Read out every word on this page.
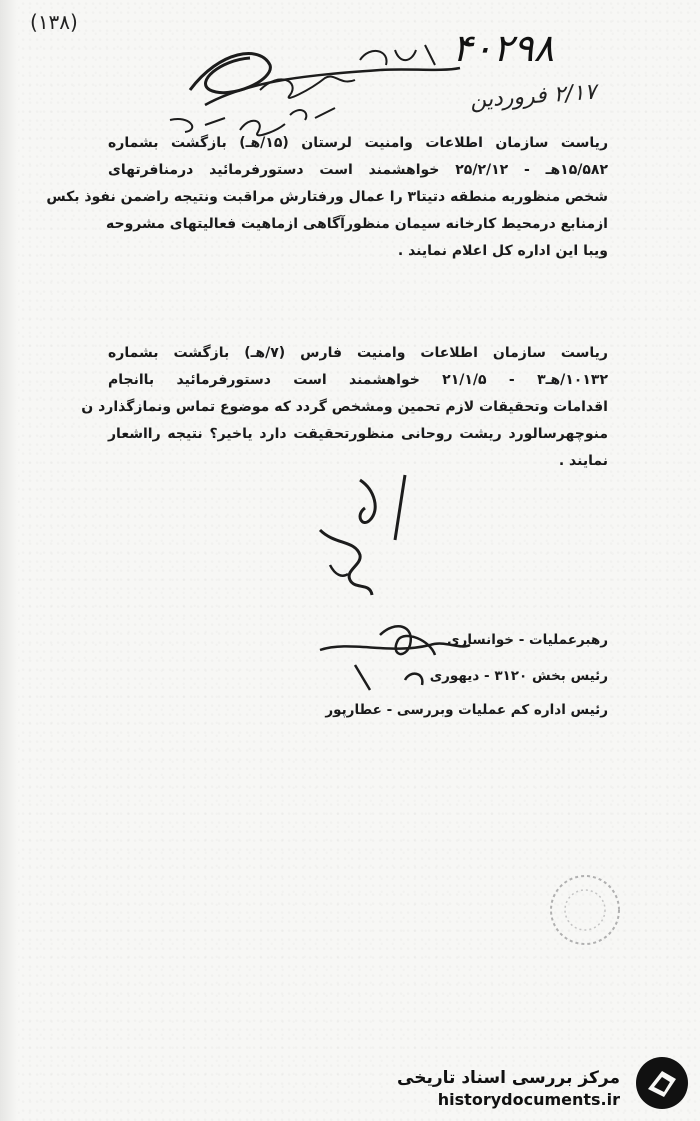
(۱۳۸)
۴۰۲۹۸
۲/۱۷ فروردین
ریاست سازمان اطلاعات وامنیت لرستان (۱۵/هـ) بازگشت بشماره
۱۵/۵۸۲هـ - ۲۵/۲/۱۲ خواهشمند است دستورفرمائید درمنافرتهای
شخص منظوربه منطقه دتیتا۳ را عمال ورفتارش مراقبت ونتیجه راضمن نفوذ بکس
ازمنابع درمحیط کارخانه سیمان منظورآگاهی ازماهیت فعالیتهای مشروحه
ویبا این اداره کل اعلام نمایند .
ریاست سازمان اطلاعات وامنیت فارس (۷/هـ) بازگشت بشماره
۱۰۱۳۲/هـ۳ - ۲۱/۱/۵ خواهشمند است دستورفرمائید باانجام
اقدامات وتحقیقات لازم تحمین ومشخص گردد که موضوع تماس ونمازگذارد ن
منوچهرسالورد ریشت روحانی منظورتحقیقت دارد یاخیر؟ نتیجه رااشعار
نمایند .
رهبرعملیات - خوانساری
رئیس بخش ۳۱۲۰ - دیهوری
رئیس اداره کم عملیات وبررسی - عطارپور
مرکز بررسی اسناد تاریخی
historydocuments.ir
